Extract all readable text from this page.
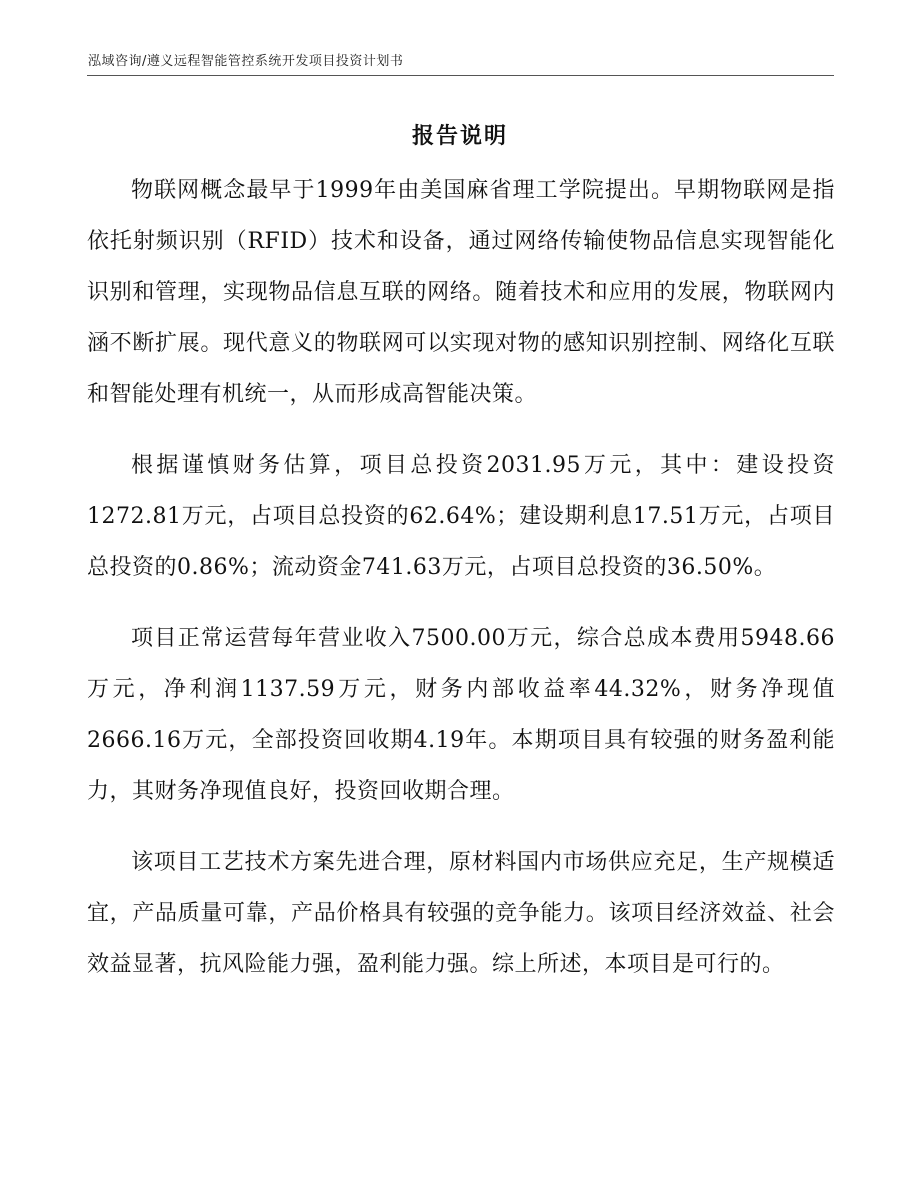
泓域咨询/遵义远程智能管控系统开发项目投资计划书
报告说明

物联网概念最早于1999年由美国麻省理工学院提出。早期物联网是指依托射频识别（RFID）技术和设备，通过网络传输使物品信息实现智能化识别和管理，实现物品信息互联的网络。随着技术和应用的发展，物联网内涵不断扩展。现代意义的物联网可以实现对物的感知识别控制、网络化互联和智能处理有机统一，从而形成高智能决策。

根据谨慎财务估算，项目总投资2031.95万元，其中：建设投资1272.81万元，占项目总投资的62.64%；建设期利息17.51万元，占项目总投资的0.86%；流动资金741.63万元，占项目总投资的36.50%。

项目正常运营每年营业收入7500.00万元，综合总成本费用5948.66万元，净利润1137.59万元，财务内部收益率44.32%，财务净现值2666.16万元，全部投资回收期4.19年。本期项目具有较强的财务盈利能力，其财务净现值良好，投资回收期合理。

该项目工艺技术方案先进合理，原材料国内市场供应充足，生产规模适宜，产品质量可靠，产品价格具有较强的竞争能力。该项目经济效益、社会效益显著，抗风险能力强，盈利能力强。综上所述，本项目是可行的。
